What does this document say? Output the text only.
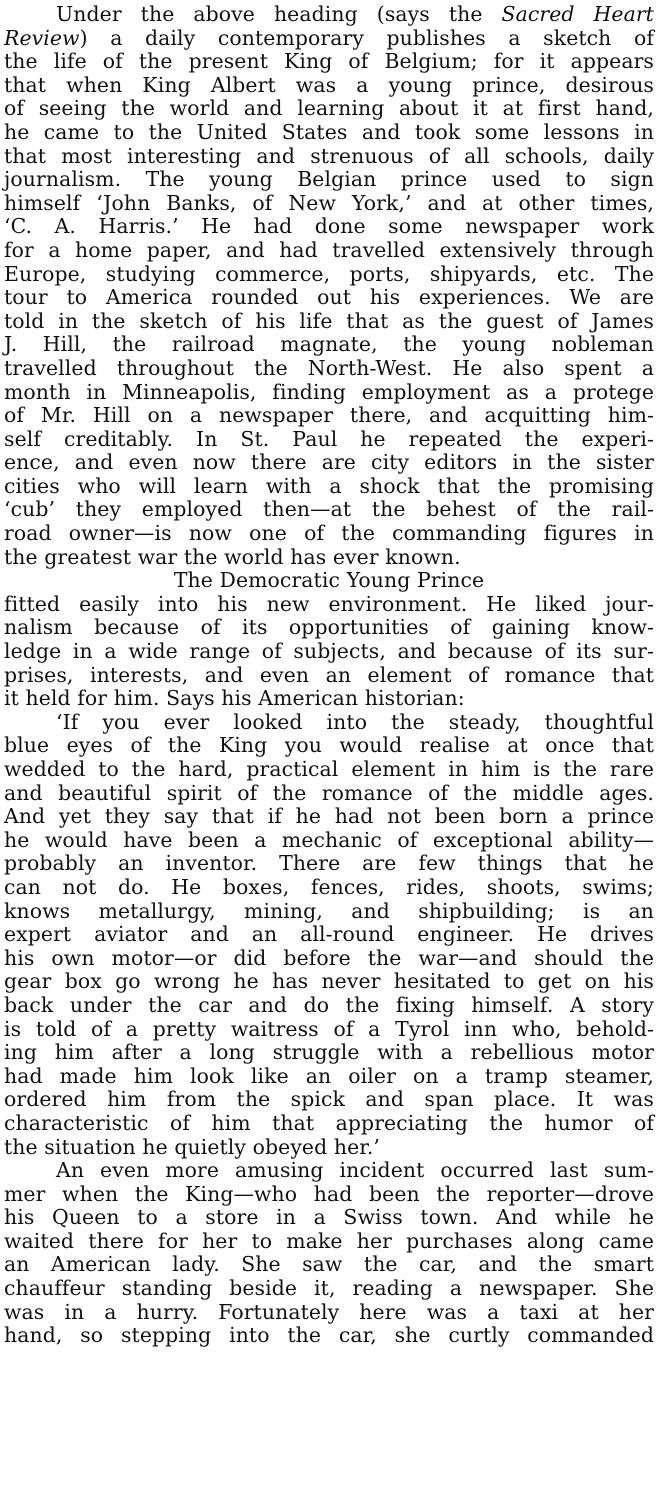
Under the above heading (says the Sacred Heart
Review) a daily contemporary publishes a sketch of
the life of the present King of Belgium; for it appears
that when King Albert was a young prince, desirous
of seeing the world and learning about it at first hand,
he came to the United States and took some lessons in
that most interesting and strenuous of all schools, daily
journalism. The young Belgian prince used to sign
himself ‘John Banks, of New York,’ and at other times,
‘C. A. Harris.’ He had done some newspaper work
for a home paper, and had travelled extensively through
Europe, studying commerce, ports, shipyards, etc. The
tour to America rounded out his experiences. We are
told in the sketch of his life that as the guest of James
J. Hill, the railroad magnate, the young nobleman
travelled throughout the North-West. He also spent a
month in Minneapolis, finding employment as a protege
of Mr. Hill on a newspaper there, and acquitting him-
self creditably. In St. Paul he repeated the experi-
ence, and even now there are city editors in the sister
cities who will learn with a shock that the promising
‘cub’ they employed then—at the behest of the rail-
road owner—is now one of the commanding figures in
the greatest war the world has ever known.
The Democratic Young Prince
fitted easily into his new environment. He liked jour-
nalism because of its opportunities of gaining know-
ledge in a wide range of subjects, and because of its sur-
prises, interests, and even an element of romance that
it held for him. Says his American historian:
‘If you ever looked into the steady, thoughtful
blue eyes of the King you would realise at once that
wedded to the hard, practical element in him is the rare
and beautiful spirit of the romance of the middle ages.
And yet they say that if he had not been born a prince
he would have been a mechanic of exceptional ability—
probably an inventor. There are few things that he
can not do. He boxes, fences, rides, shoots, swims;
knows metallurgy, mining, and shipbuilding; is an
expert aviator and an all-round engineer. He drives
his own motor—or did before the war—and should the
gear box go wrong he has never hesitated to get on his
back under the car and do the fixing himself. A story
is told of a pretty waitress of a Tyrol inn who, behold-
ing him after a long struggle with a rebellious motor
had made him look like an oiler on a tramp steamer,
ordered him from the spick and span place. It was
characteristic of him that appreciating the humor of
the situation he quietly obeyed her.’
An even more amusing incident occurred last sum-
mer when the King—who had been the reporter—drove
his Queen to a store in a Swiss town. And while he
waited there for her to make her purchases along came
an American lady. She saw the car, and the smart
chauffeur standing beside it, reading a newspaper. She
was in a hurry. Fortunately here was a taxi at her
hand, so stepping into the car, she curtly commanded
